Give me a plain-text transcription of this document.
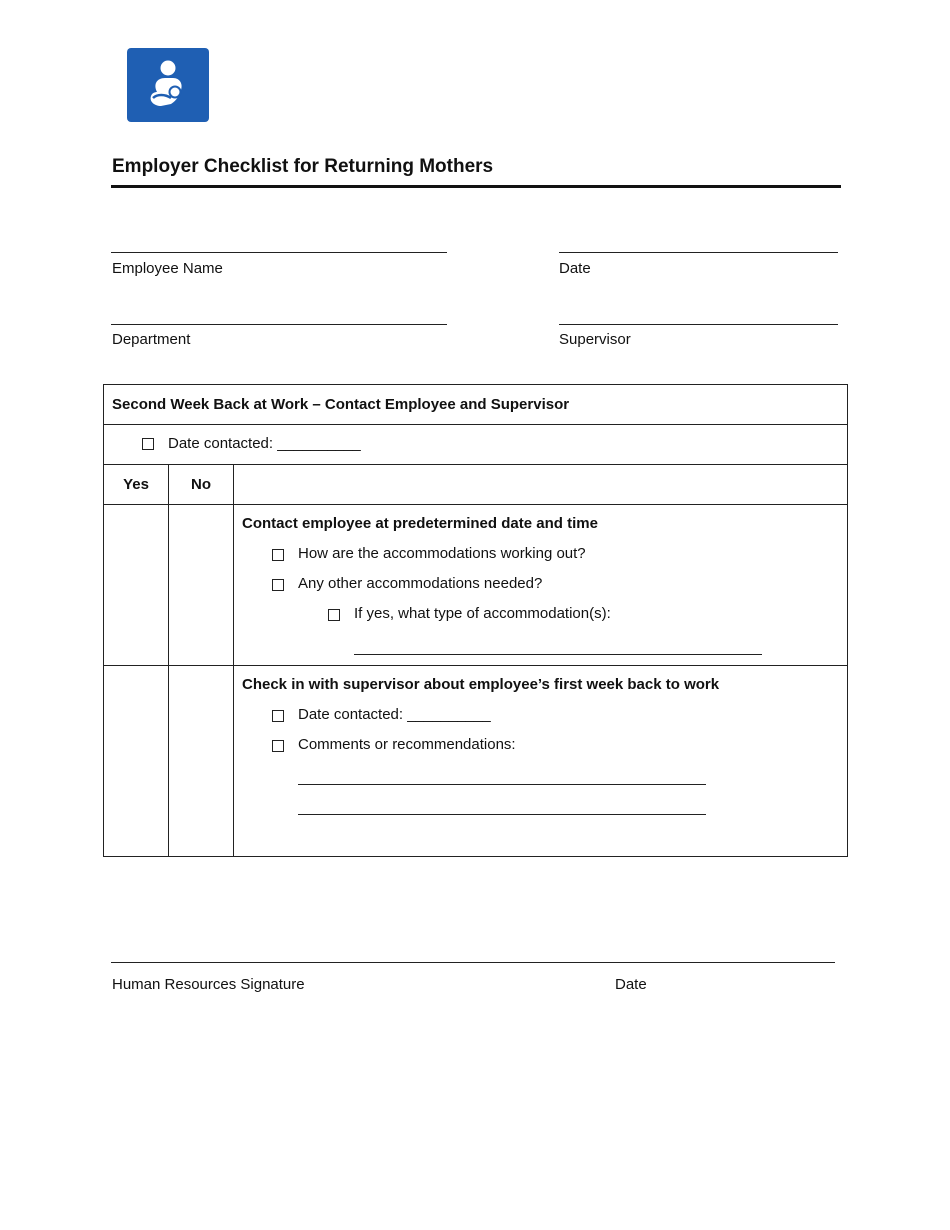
Employer Checklist for Returning Mothers
Employee Name	Date
Department	Supervisor
Second Week Back at Work – Contact Employee and Supervisor		

Date contacted: __________		

Yes	No	

		Contact employee at predetermined date and time
How are the accommodations working out?
Any other accommodations needed?
If yes, what type of accommodation(s):

		Check in with supervisor about employee’s first week back to work
Date contacted: __________
Comments or recommendations:
Human Resources Signature	Date
